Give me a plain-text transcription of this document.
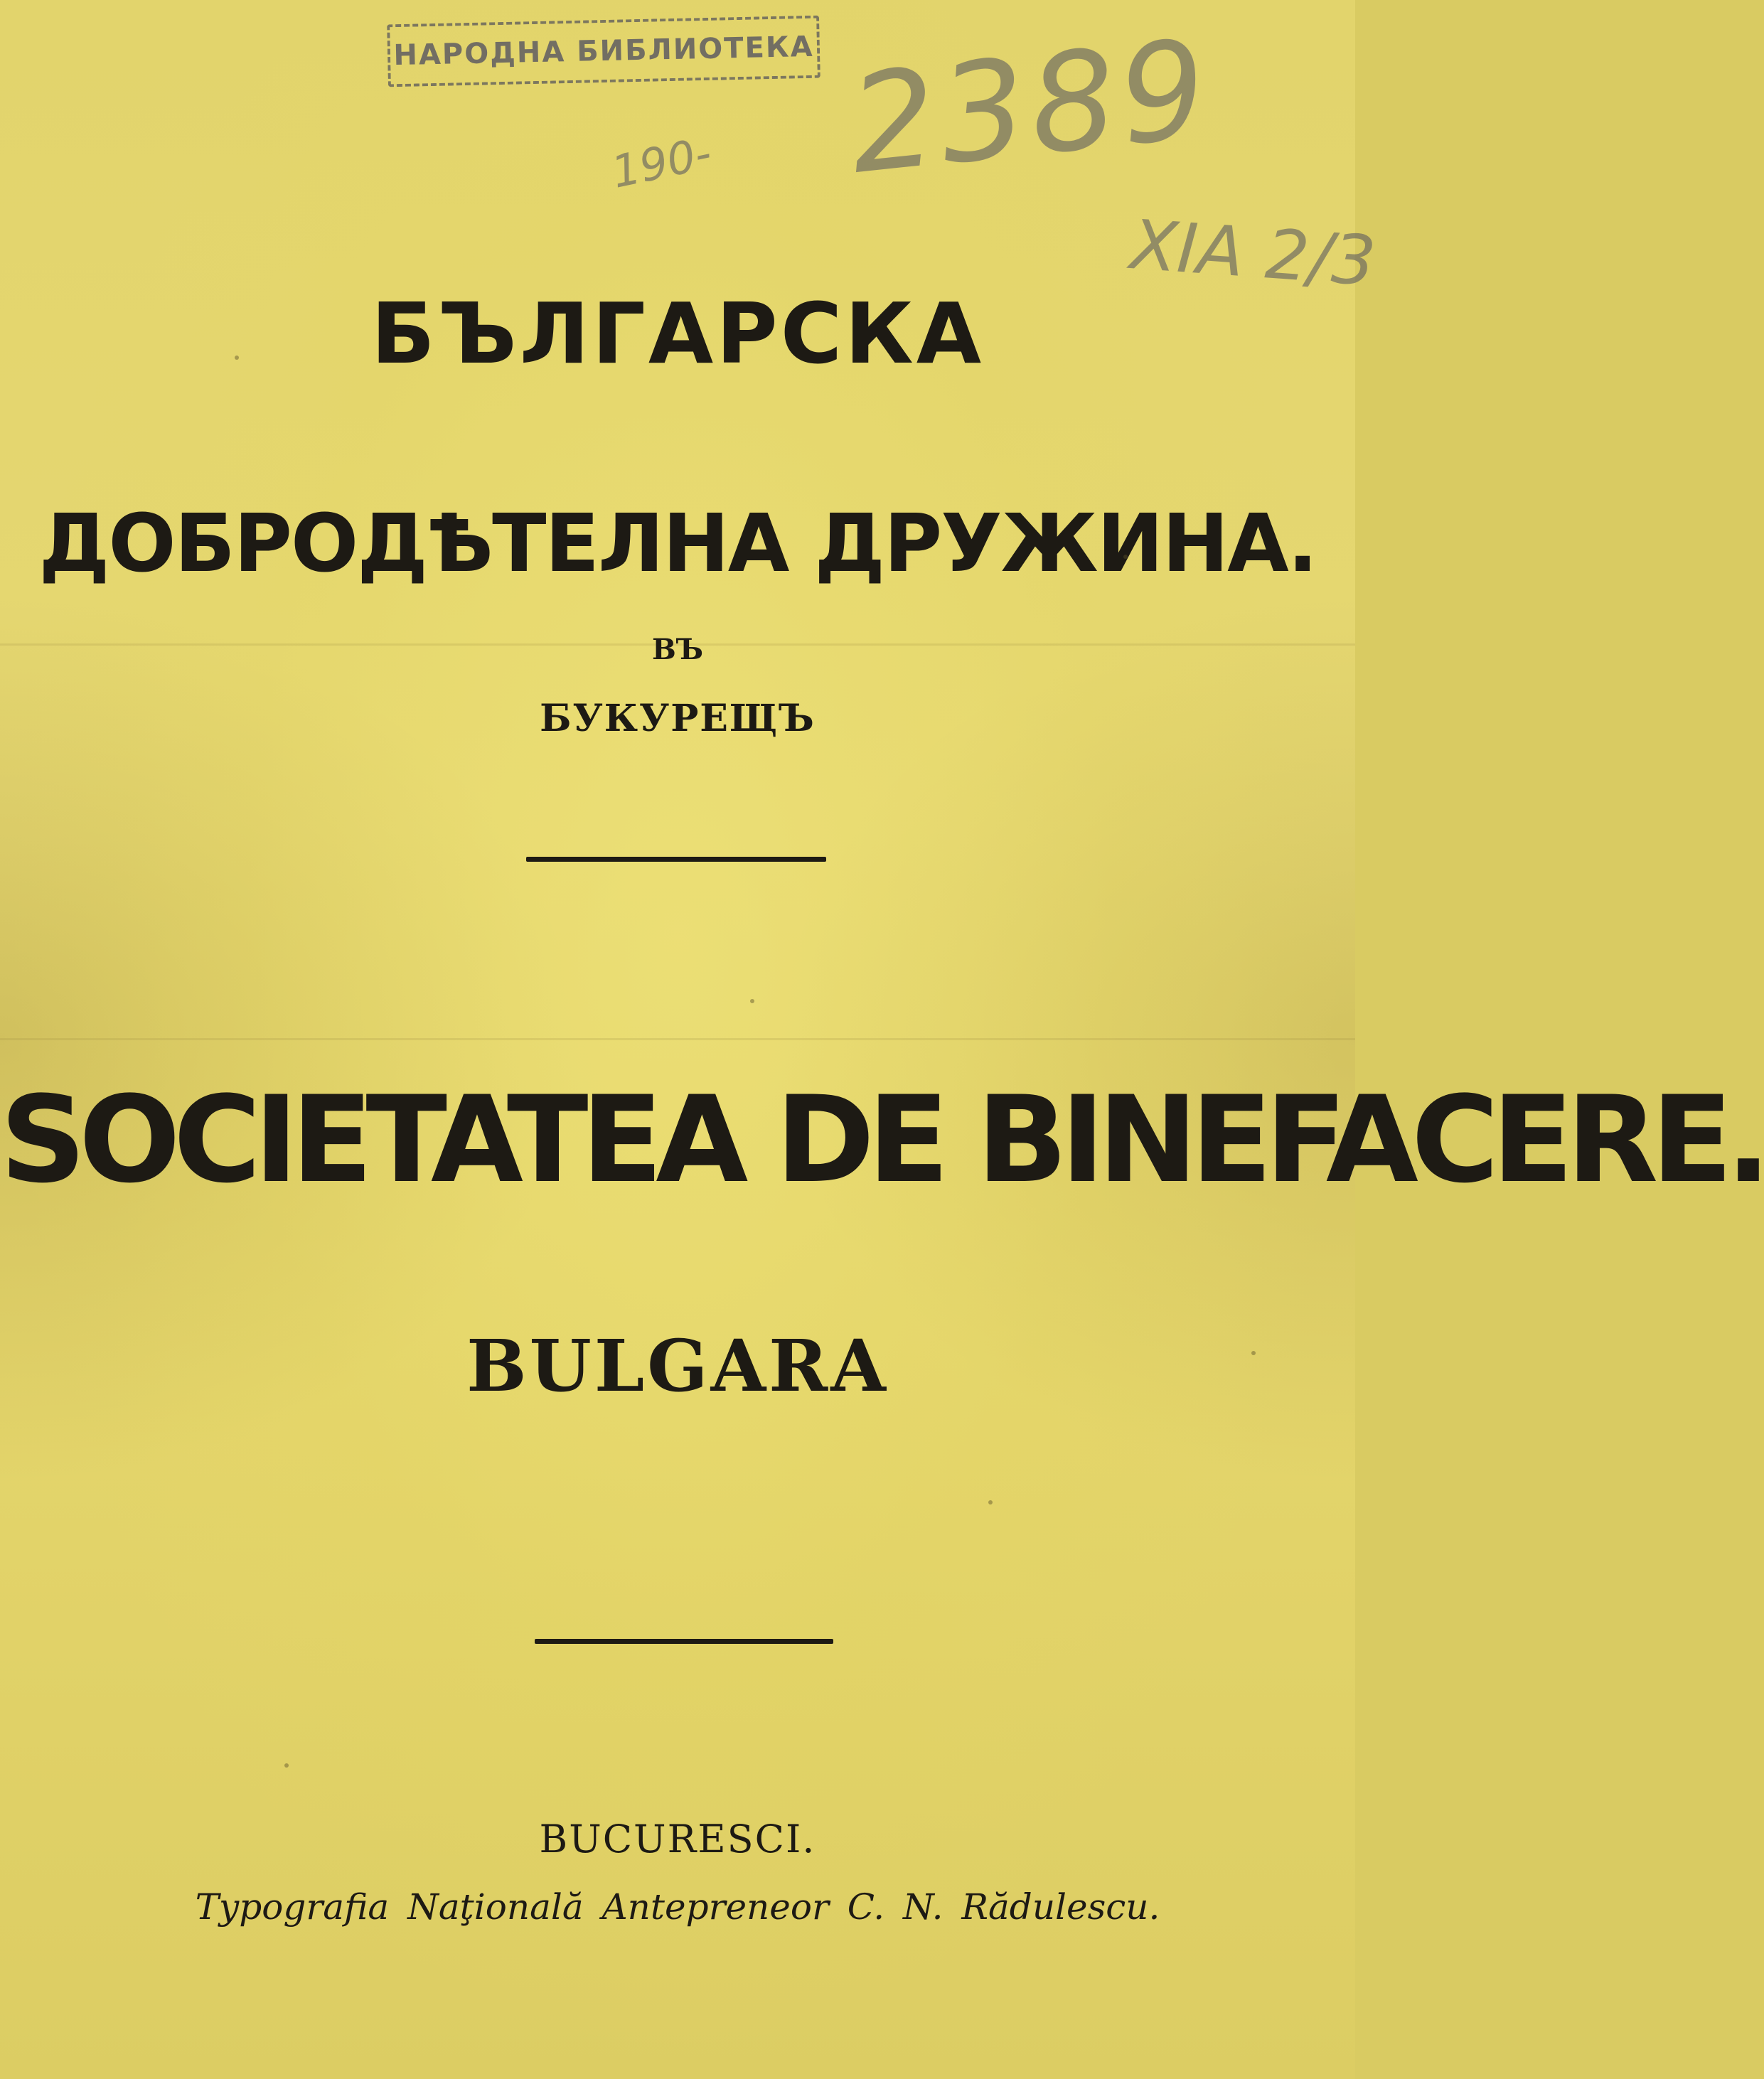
НАРОДНА БИБЛИОТЕКА
190- 2389
XIA 2/3
БЪЛГАРСКА
ДОБРОДѢТЕЛНА ДРУЖИНА.
ВЪ
БУКУРЕЩЪ
SOCIETATEA DE BINEFACERE.
BULGARA
BUCURESCI.
Typografia Naţională Antepreneor C. N. Rădulescu.
